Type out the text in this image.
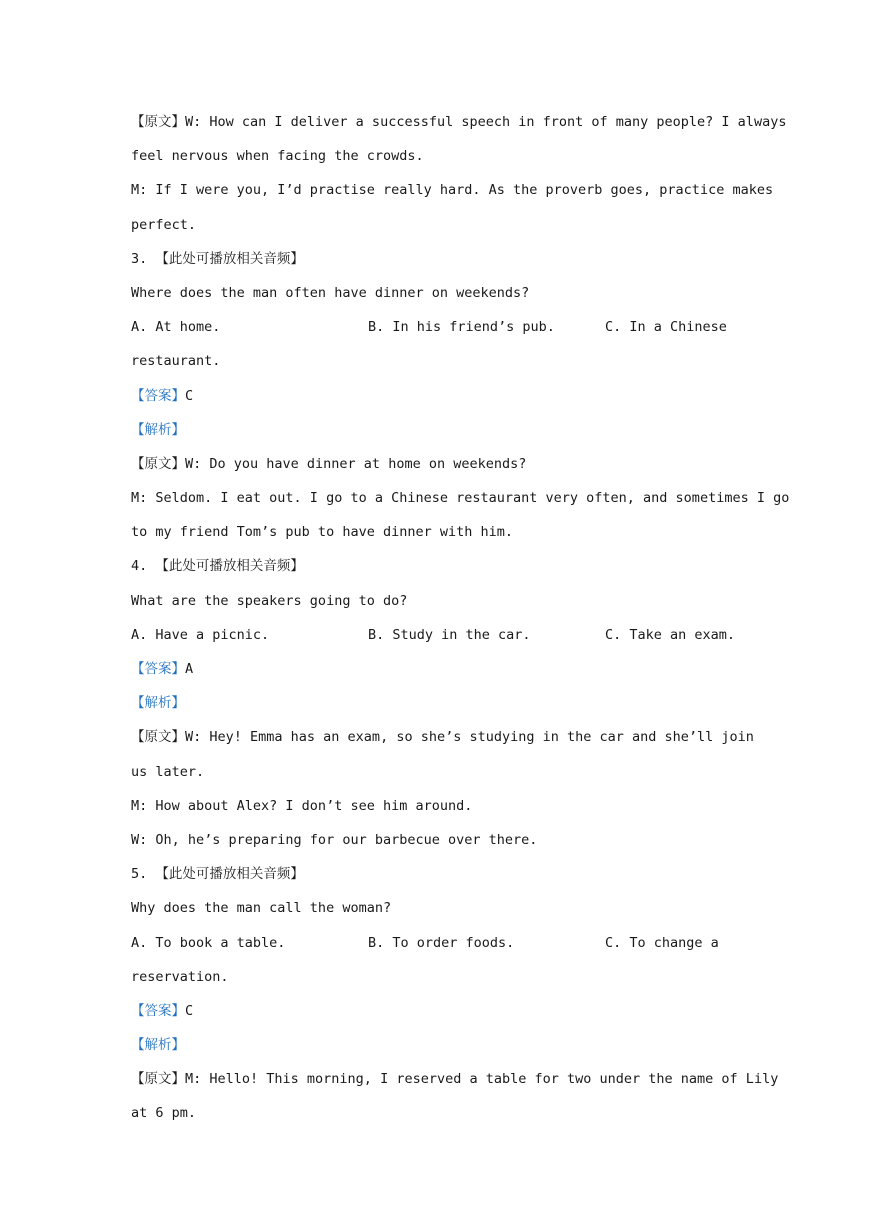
【原文】W: How can I deliver a successful speech in front of many people? I always
feel nervous when facing the crowds.
M: If I were you, I’d practise really hard. As the proverb goes, practice makes
perfect.
3. 【此处可播放相关音频】
Where does the man often have dinner on weekends?
A. At home.	B. In his friend’s pub.	C. In a Chinese
restaurant.
【答案】C
【解析】
【原文】W: Do you have dinner at home on weekends?
M: Seldom. I eat out. I go to a Chinese restaurant very often, and sometimes I go
to my friend Tom’s pub to have dinner with him.
4. 【此处可播放相关音频】
What are the speakers going to do?
A. Have a picnic.	B. Study in the car.	C. Take an exam.
【答案】A
【解析】
【原文】W: Hey! Emma has an exam, so she’s studying in the car and she’ll join
us later.
M: How about Alex? I don’t see him around.
W: Oh, he’s preparing for our barbecue over there.
5. 【此处可播放相关音频】
Why does the man call the woman?
A. To book a table.	B. To order foods.	C. To change a
reservation.
【答案】C
【解析】
【原文】M: Hello! This morning, I reserved a table for two under the name of Lily
at 6 pm.
